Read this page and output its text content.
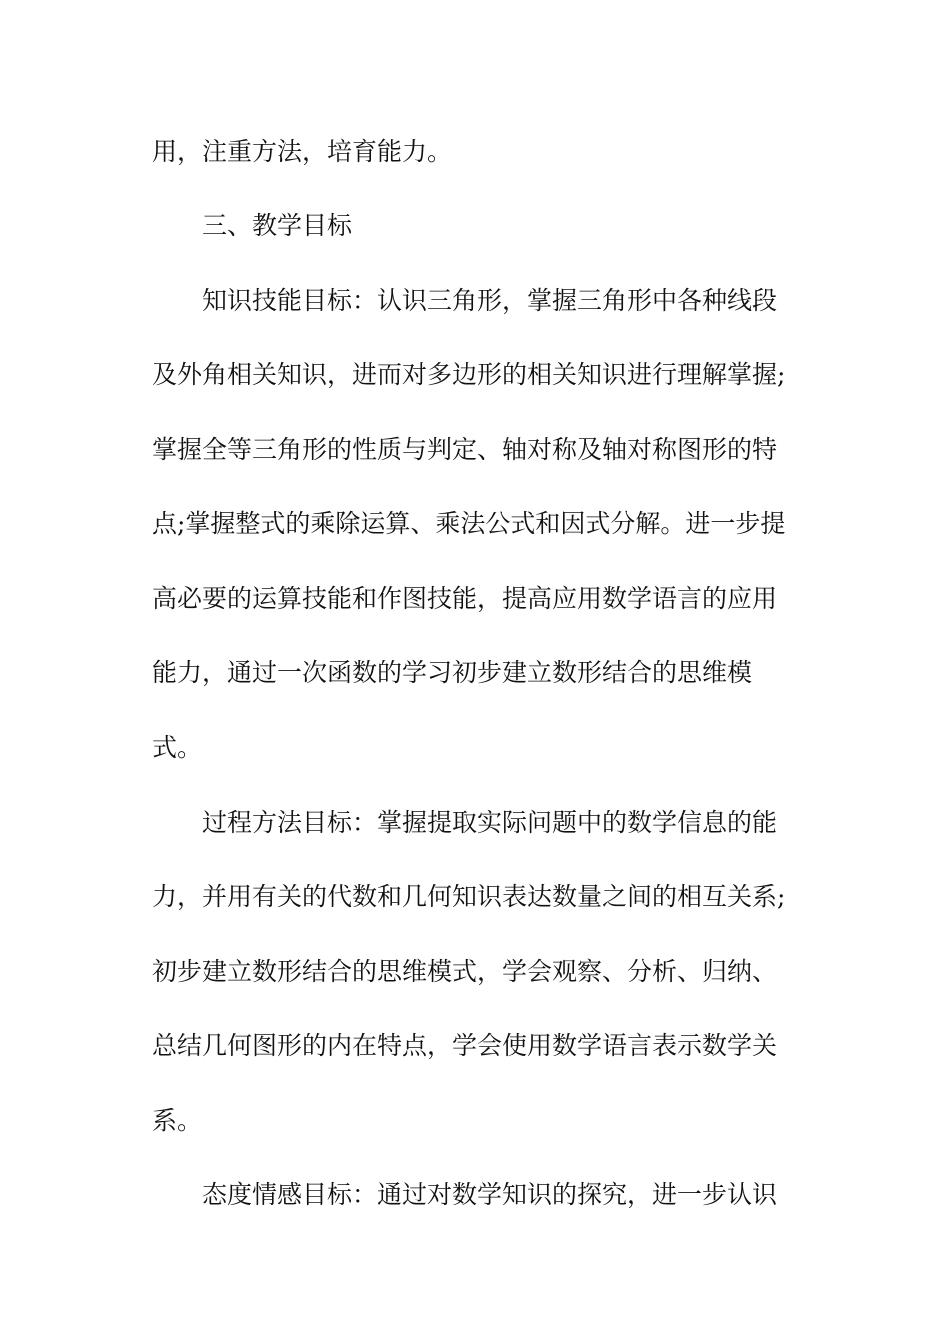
用，注重方法，培育能力。
三、教学目标
知识技能目标：认识三角形，掌握三角形中各种线段
及外角相关知识，进而对多边形的相关知识进行理解掌握;
掌握全等三角形的性质与判定、轴对称及轴对称图形的特
点;掌握整式的乘除运算、乘法公式和因式分解。进一步提
高必要的运算技能和作图技能，提高应用数学语言的应用
能力，通过一次函数的学习初步建立数形结合的思维模
式。
过程方法目标：掌握提取实际问题中的数学信息的能
力，并用有关的代数和几何知识表达数量之间的相互关系;
初步建立数形结合的思维模式，学会观察、分析、归纳、
总结几何图形的内在特点，学会使用数学语言表示数学关
系。
态度情感目标：通过对数学知识的探究，进一步认识
